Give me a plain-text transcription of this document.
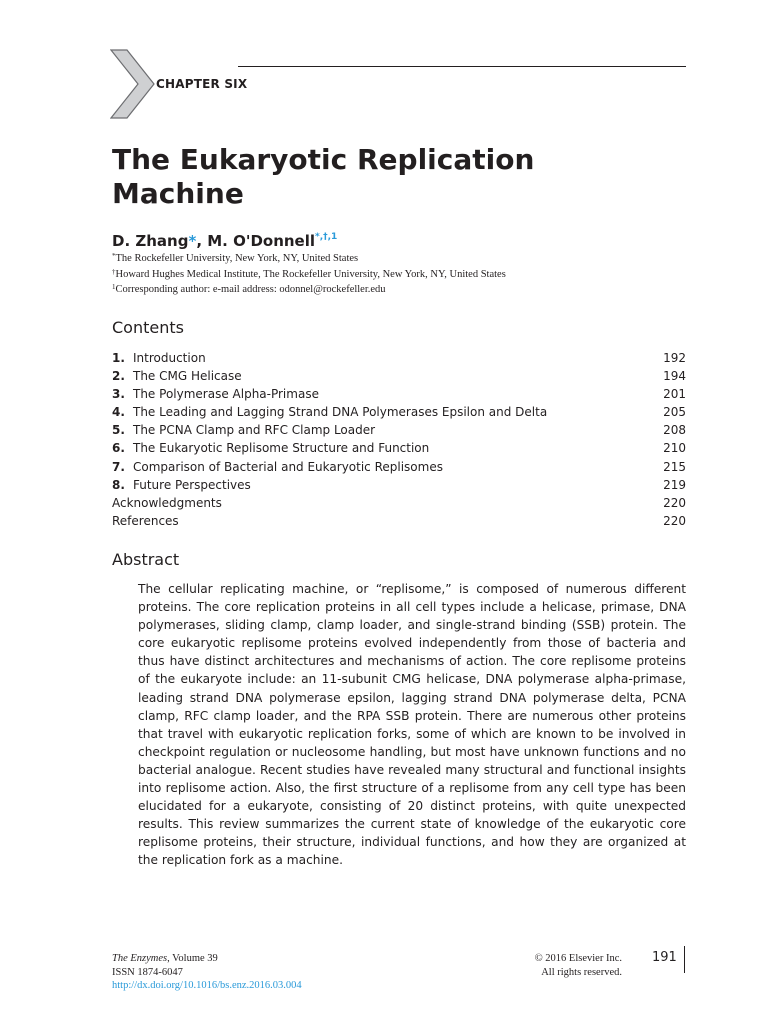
CHAPTER SIX
The Eukaryotic Replication
Machine
D. Zhang*, M. O'Donnell$^{*,\dagger,1}$
*The Rockefeller University, New York, NY, United States
†Howard Hughes Medical Institute, The Rockefeller University, New York, NY, United States
$^1$Corresponding author: e-mail address: odonnel@rockefeller.edu
Contents
1. Introduction	192
2. The CMG Helicase	194
3. The Polymerase Alpha-Primase	201
4. The Leading and Lagging Strand DNA Polymerases Epsilon and Delta	205
5. The PCNA Clamp and RFC Clamp Loader	208
6. The Eukaryotic Replisome Structure and Function	210
7. Comparison of Bacterial and Eukaryotic Replisomes	215
8. Future Perspectives	219
Acknowledgments	220
References	220
Abstract

The cellular replicating machine, or “replisome,” is composed of numerous different proteins. The core replication proteins in all cell types include a helicase, primase, DNA polymerases, sliding clamp, clamp loader, and single-strand binding (SSB) protein. The core eukaryotic replisome proteins evolved independently from those of bacteria and thus have distinct architectures and mechanisms of action. The core replisome proteins of the eukaryote include: an 11-subunit CMG helicase, DNA polymerase alpha-primase, leading strand DNA polymerase epsilon, lagging strand DNA polymerase delta, PCNA clamp, RFC clamp loader, and the RPA SSB protein. There are numerous other proteins that travel with eukaryotic replication forks, some of which are known to be involved in checkpoint regulation or nucleosome handling, but most have unknown functions and no bacterial analogue. Recent studies have revealed many structural and functional insights into replisome action. Also, the first structure of a replisome from any cell type has been elucidated for a eukaryote, consisting of 20 distinct proteins, with quite unexpected results. This review summarizes the current state of knowledge of the eukaryotic core replisome proteins, their structure, individual functions, and how they are organized at the replication fork as a machine.

The Enzymes, Volume 39
ISSN 1874-6047
http://dx.doi.org/10.1016/bs.enz.2016.03.004
© 2016 Elsevier Inc.
All rights reserved.
191
